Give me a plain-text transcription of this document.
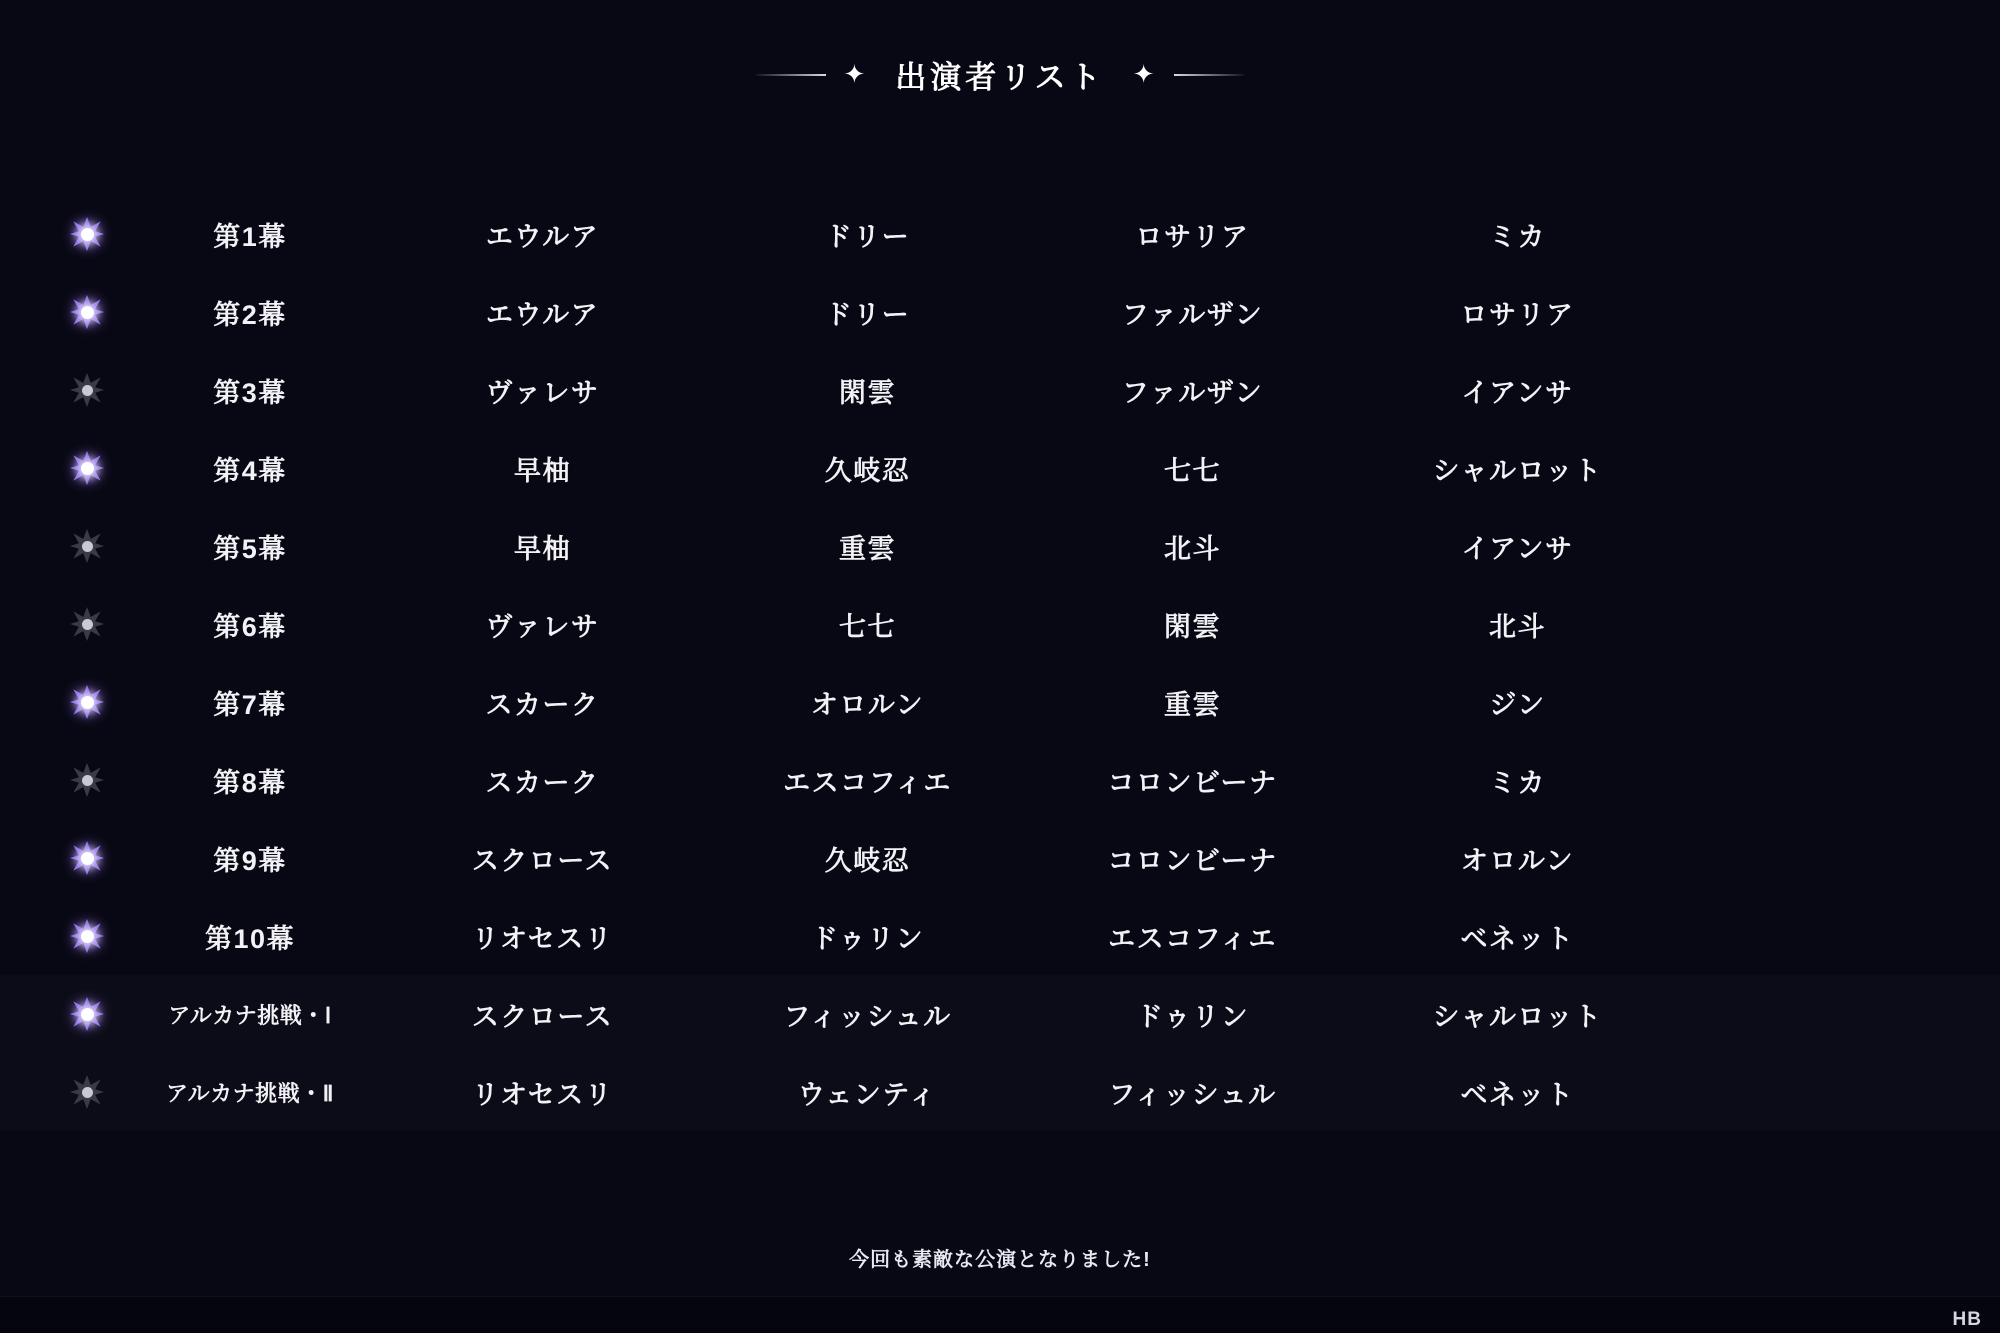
✦ 出演者リスト	✦
第1幕	エウルア	ドリー	ロサリア	ミカ
第2幕	エウルア	ドリー	ファルザン	ロサリア
第3幕	ヴァレサ	閑雲	ファルザン	イアンサ
第4幕	早柚	久岐忍	七七	シャルロット
第5幕	早柚	重雲	北斗	イアンサ
第6幕	ヴァレサ	七七	閑雲	北斗
第7幕	スカーク	オロルン	重雲	ジン
第8幕	スカーク	エスコフィエ	コロンビーナ	ミカ
第9幕	スクロース	久岐忍	コロンビーナ	オロルン
第10幕	リオセスリ	ドゥリン	エスコフィエ	ベネット
アルカナ挑戦・Ⅰ	スクロース	フィッシュル	ドゥリン	シャルロット
アルカナ挑戦・Ⅱ	リオセスリ	ウェンティ	フィッシュル	ベネット
今回も素敵な公演となりました!
HB
